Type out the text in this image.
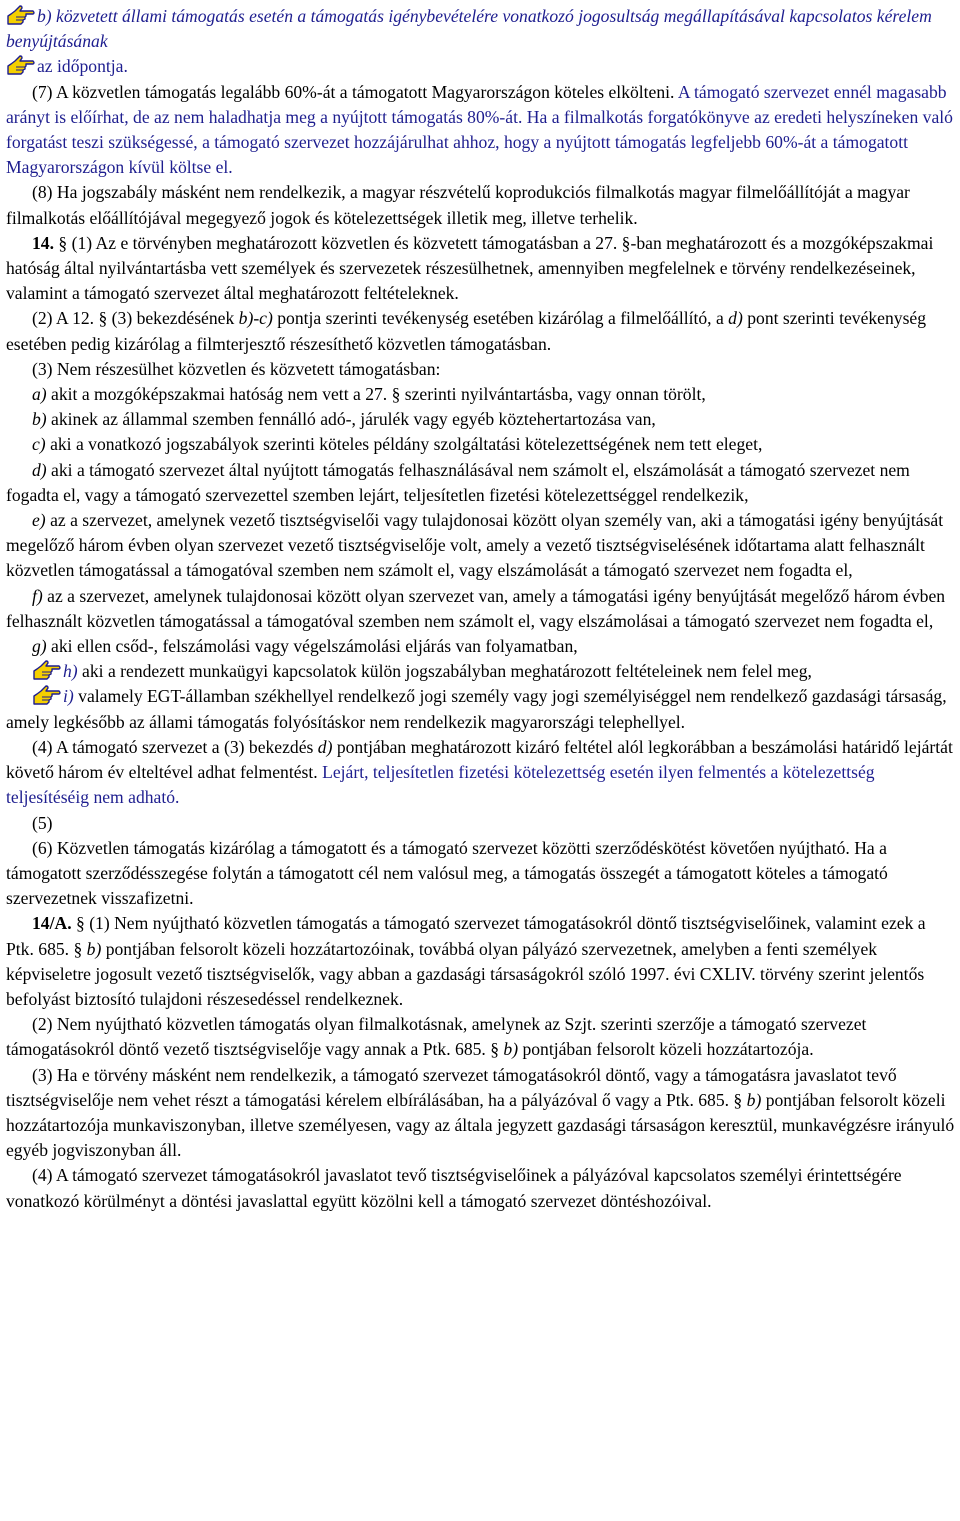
b) közvetett állami támogatás esetén a támogatás igénybevételére vonatkozó jogosultság megállapításával kapcsolatos kérelem benyújtásának

az időpontja.

(7) A közvetlen támogatás legalább 60%-át a támogatott Magyarországon köteles elkölteni. A támogató szervezet ennél magasabb arányt is előírhat, de az nem haladhatja meg a nyújtott támogatás 80%-át. Ha a filmalkotás forgatókönyve az eredeti helyszíneken való forgatást teszi szükségessé, a támogató szervezet hozzájárulhat ahhoz, hogy a nyújtott támogatás legfeljebb 60%-át a támogatott Magyarországon kívül költse el.

(8) Ha jogszabály másként nem rendelkezik, a magyar részvételű koprodukciós filmalkotás magyar filmelőállítóját a magyar filmalkotás előállítójával megegyező jogok és kötelezettségek illetik meg, illetve terhelik.

14. § (1) Az e törvényben meghatározott közvetlen és közvetett támogatásban a 27. §-ban meghatározott és a mozgóképszakmai hatóság által nyilvántartásba vett személyek és szervezetek részesülhetnek, amennyiben megfelelnek e törvény rendelkezéseinek, valamint a támogató szervezet által meghatározott feltételeknek.

(2) A 12. § (3) bekezdésének b)-c) pontja szerinti tevékenység esetében kizárólag a filmelőállító, a d) pont szerinti tevékenység esetében pedig kizárólag a filmterjesztő részesíthető közvetlen támogatásban.

(3) Nem részesülhet közvetlen és közvetett támogatásban:

a) akit a mozgóképszakmai hatóság nem vett a 27. § szerinti nyilvántartásba, vagy onnan törölt,

b) akinek az állammal szemben fennálló adó-, járulék vagy egyéb köztehertartozása van,

c) aki a vonatkozó jogszabályok szerinti köteles példány szolgáltatási kötelezettségének nem tett eleget,

d) aki a támogató szervezet által nyújtott támogatás felhasználásával nem számolt el, elszámolását a támogató szervezet nem fogadta el, vagy a támogató szervezettel szemben lejárt, teljesítetlen fizetési kötelezettséggel rendelkezik,

e) az a szervezet, amelynek vezető tisztségviselői vagy tulajdonosai között olyan személy van, aki a támogatási igény benyújtását megelőző három évben olyan szervezet vezető tisztségviselője volt, amely a vezető tisztségviselésének időtartama alatt felhasznált közvetlen támogatással a támogatóval szemben nem számolt el, vagy elszámolását a támogató szervezet nem fogadta el,

f) az a szervezet, amelynek tulajdonosai között olyan szervezet van, amely a támogatási igény benyújtását megelőző három évben felhasznált közvetlen támogatással a támogatóval szemben nem számolt el, vagy elszámolásai a támogató szervezet nem fogadta el,

g) aki ellen csőd-, felszámolási vagy végelszámolási eljárás van folyamatban,

h) aki a rendezett munkaügyi kapcsolatok külön jogszabályban meghatározott feltételeinek nem felel meg,

i) valamely EGT-államban székhellyel rendelkező jogi személy vagy jogi személyiséggel nem rendelkező gazdasági társaság, amely legkésőbb az állami támogatás folyósításkor nem rendelkezik magyarországi telephellyel.

(4) A támogató szervezet a (3) bekezdés d) pontjában meghatározott kizáró feltétel alól legkorábban a beszámolási határidő lejártát követő három év elteltével adhat felmentést. Lejárt, teljesítetlen fizetési kötelezettség esetén ilyen felmentés a kötelezettség teljesítéséig nem adható.

(5)

(6) Közvetlen támogatás kizárólag a támogatott és a támogató szervezet közötti szerződéskötést követően nyújtható. Ha a támogatott szerződésszegése folytán a támogatott cél nem valósul meg, a támogatás összegét a támogatott köteles a támogató szervezetnek visszafizetni.

14/A. § (1) Nem nyújtható közvetlen támogatás a támogató szervezet támogatásokról döntő tisztségviselőinek, valamint ezek a Ptk. 685. § b) pontjában felsorolt közeli hozzátartozóinak, továbbá olyan pályázó szervezetnek, amelyben a fenti személyek képviseletre jogosult vezető tisztségviselők, vagy abban a gazdasági társaságokról szóló 1997. évi CXLIV. törvény szerint jelentős befolyást biztosító tulajdoni részesedéssel rendelkeznek.

(2) Nem nyújtható közvetlen támogatás olyan filmalkotásnak, amelynek az Szjt. szerinti szerzője a támogató szervezet támogatásokról döntő vezető tisztségviselője vagy annak a Ptk. 685. § b) pontjában felsorolt közeli hozzátartozója.

(3) Ha e törvény másként nem rendelkezik, a támogató szervezet támogatásokról döntő, vagy a támogatásra javaslatot tevő tisztségviselője nem vehet részt a támogatási kérelem elbírálásában, ha a pályázóval ő vagy a Ptk. 685. § b) pontjában felsorolt közeli hozzátartozója munkaviszonyban, illetve személyesen, vagy az általa jegyzett gazdasági társaságon keresztül, munkavégzésre irányuló egyéb jogviszonyban áll.

(4) A támogató szervezet támogatásokról javaslatot tevő tisztségviselőinek a pályázóval kapcsolatos személyi érintettségére vonatkozó körülményt a döntési javaslattal együtt közölni kell a támogató szervezet döntéshozóival.
